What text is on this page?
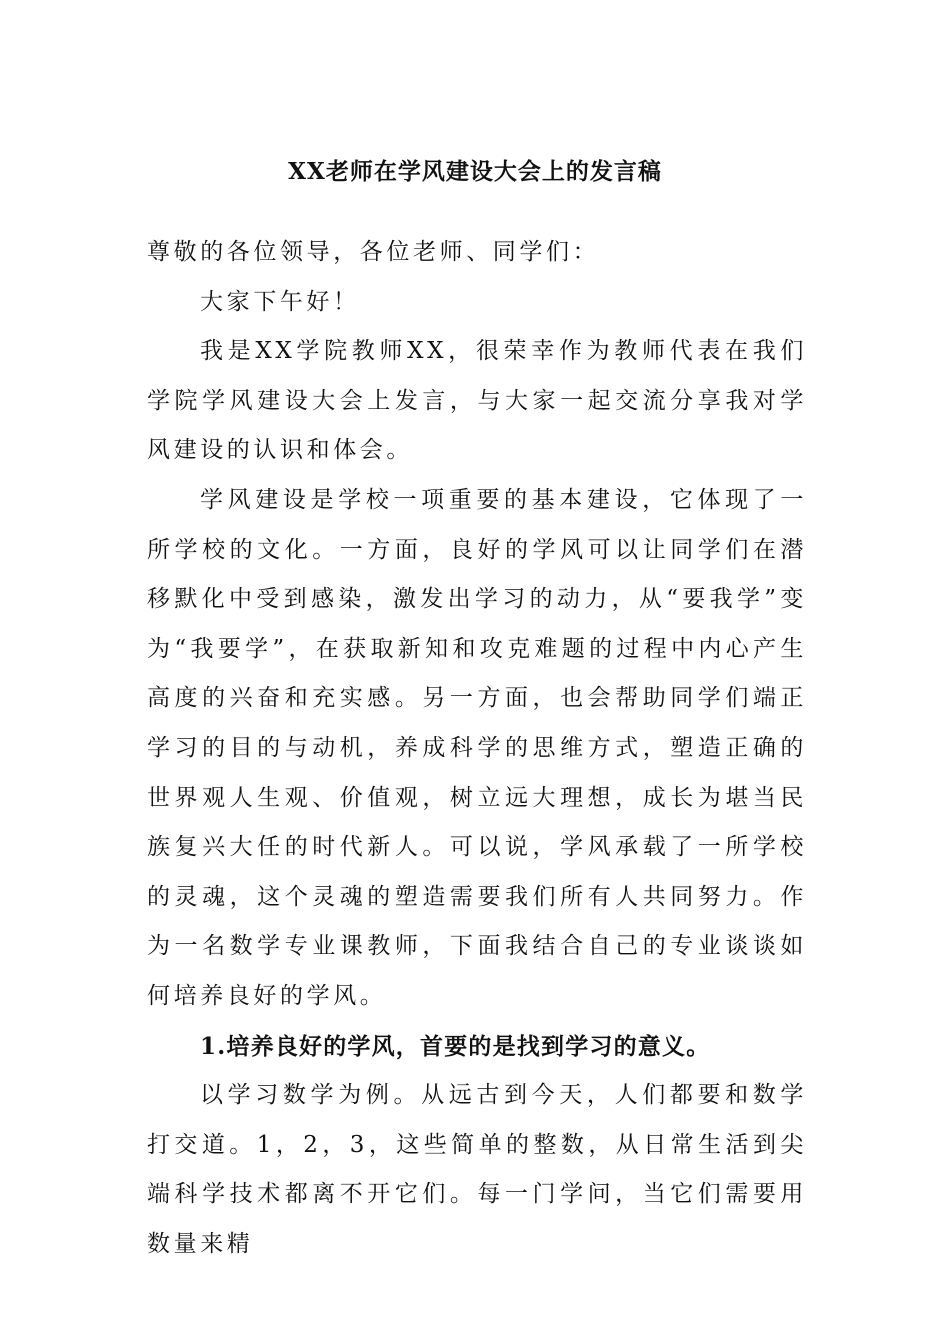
XX老师在学风建设大会上的发言稿

尊敬的各位领导，各位老师、同学们：

大家下午好！

我是XX学院教师XX，很荣幸作为教师代表在我们学院学风建设大会上发言，与大家一起交流分享我对学风建设的认识和体会。

学风建设是学校一项重要的基本建设，它体现了一所学校的文化。一方面，良好的学风可以让同学们在潜移默化中受到感染，激发出学习的动力，从“要我学”变为“我要学”，在获取新知和攻克难题的过程中内心产生高度的兴奋和充实感。另一方面，也会帮助同学们端正学习的目的与动机，养成科学的思维方式，塑造正确的世界观人生观、价值观，树立远大理想，成长为堪当民族复兴大任的时代新人。可以说，学风承载了一所学校的灵魂，这个灵魂的塑造需要我们所有人共同努力。作为一名数学专业课教师，下面我结合自己的专业谈谈如何培养良好的学风。

1.培养良好的学风，首要的是找到学习的意义。

以学习数学为例。从远古到今天，人们都要和数学打交道。1，2，3，这些简单的整数，从日常生活到尖端科学技术都离不开它们。每一门学问，当它们需要用数量来精
